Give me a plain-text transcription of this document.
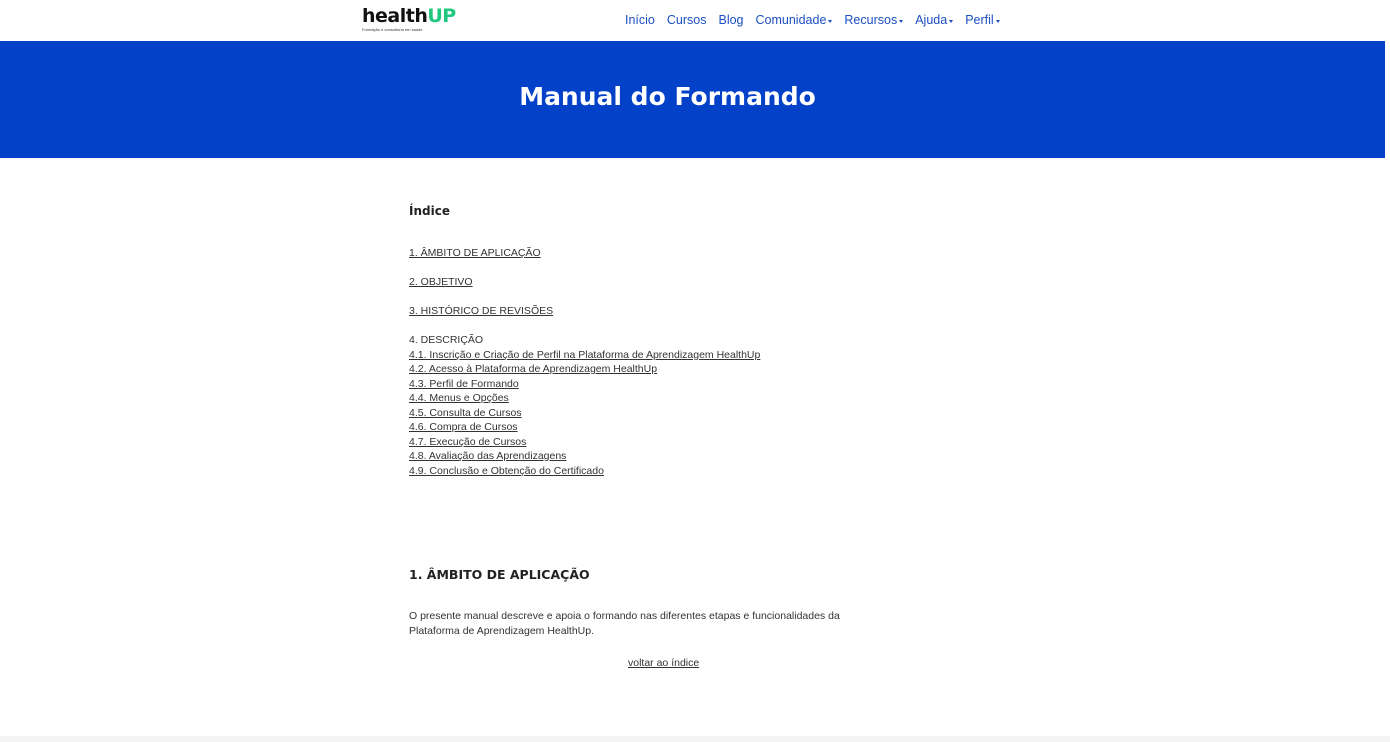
healthUP
Formação e consultoria em saúde
Início Cursos Blog Comunidade Recursos Ajuda Perfil
Manual do Formando
Índice
1. ÂMBITO DE APLICAÇÃO
2. OBJETIVO
3. HISTÓRICO DE REVISÕES
4. DESCRIÇÃO
4.1. Inscrição e Criação de Perfil na Plataforma de Aprendizagem HealthUp
4.2. Acesso à Plataforma de Aprendizagem HealthUp
4.3. Perfil de Formando
4.4. Menus e Opções
4.5. Consulta de Cursos
4.6. Compra de Cursos
4.7. Execução de Cursos
4.8. Avaliação das Aprendizagens
4.9. Conclusão e Obtenção do Certificado
1. ÂMBITO DE APLICAÇÃO

O presente manual descreve e apoia o formando nas diferentes etapas e funcionalidades da Plataforma de Aprendizagem HealthUp.

voltar ao índice
